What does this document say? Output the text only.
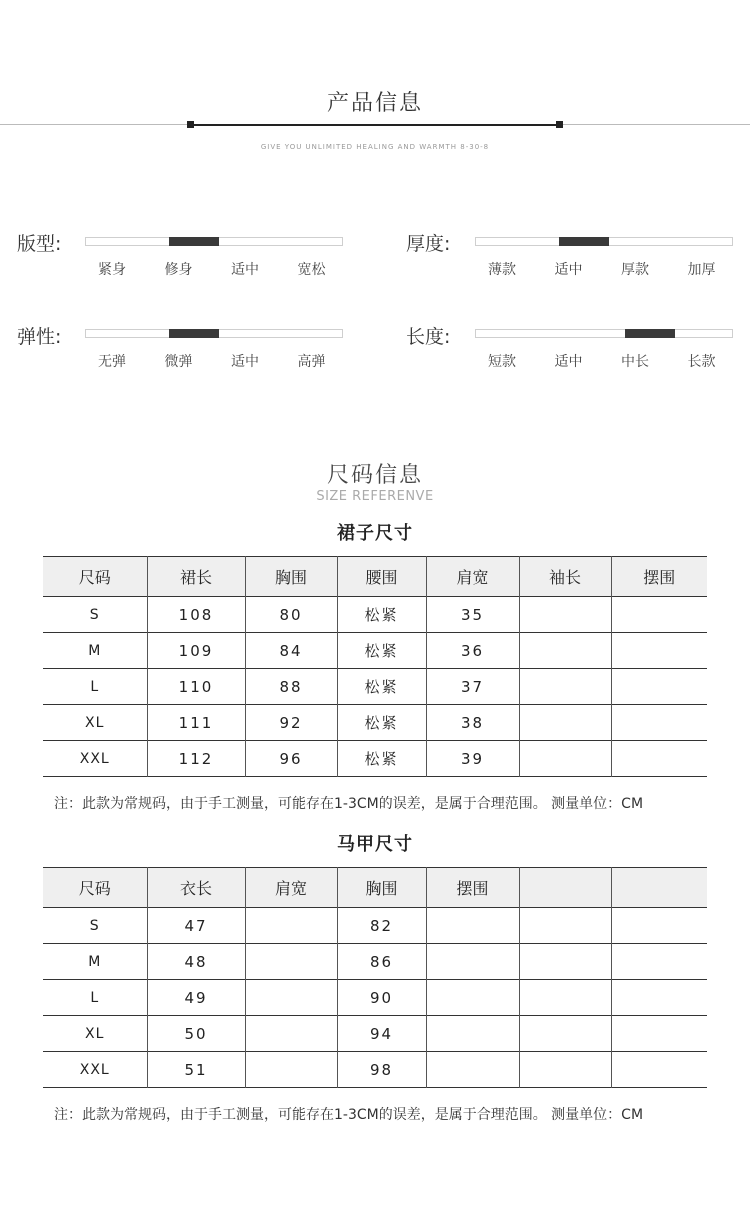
产品信息
GIVE YOU UNLIMITED HEALING AND WARMTH 8-30-8
版型:	厚度:
弹性:	长度:
紧身	修身	适中	宽松	薄款	适中	厚款	加厚
无弹	微弹	适中	高弹	短款	适中	中长	长款
尺码信息
SIZE REFERENVE
裙子尺寸
尺码	裙长	胸围	腰围	肩宽	袖长	摆围
S	108	80	松紧	35		
M	109	84	松紧	36		
L	110	88	松紧	37		
XL	111	92	松紧	38		
XXL	112	96	松紧	39		
注：此款为常规码，由于手工测量，可能存在1-3CM的误差，是属于合理范围。 测量单位：CM
马甲尺寸
尺码	衣长	肩宽	胸围	摆围		
S	47		82			
M	48		86			
L	49		90			
XL	50		94			
XXL	51		98			
注：此款为常规码，由于手工测量，可能存在1-3CM的误差，是属于合理范围。 测量单位：CM
